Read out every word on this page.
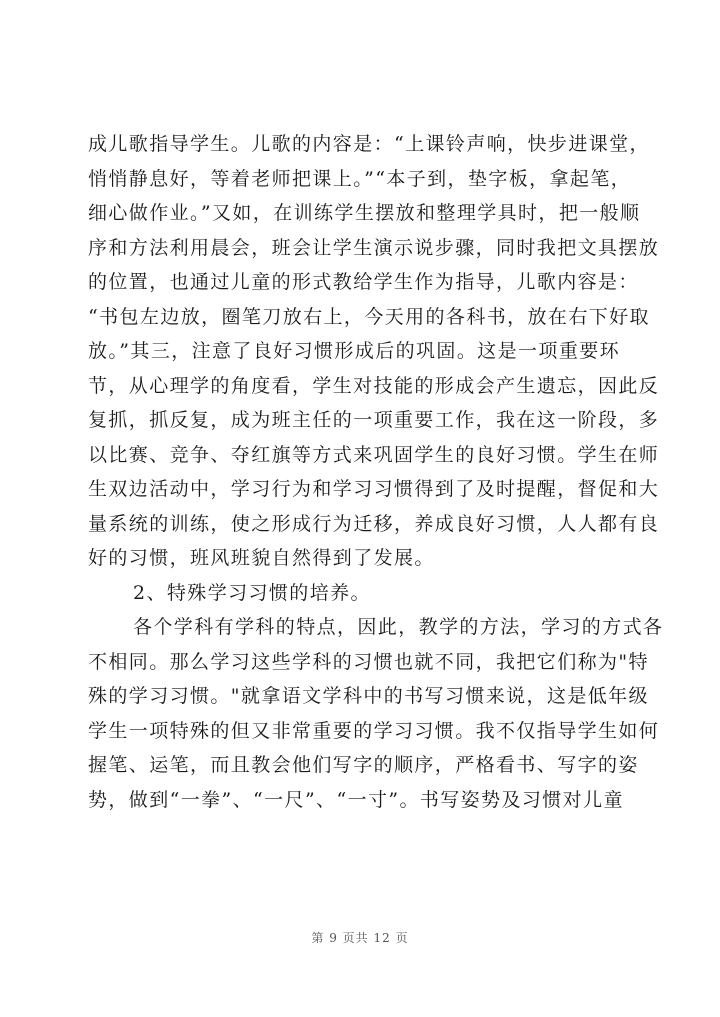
成儿歌指导学生。儿歌的内容是：“上课铃声响，快步进课堂，
悄悄静息好，等着老师把课上。”“本子到，垫字板，拿起笔，
细心做作业。”又如，在训练学生摆放和整理学具时，把一般顺
序和方法利用晨会，班会让学生演示说步骤，同时我把文具摆放
的位置，也通过儿童的形式教给学生作为指导，儿歌内容是：
“书包左边放，圈笔刀放右上，今天用的各科书，放在右下好取
放。”其三，注意了良好习惯形成后的巩固。这是一项重要环
节，从心理学的角度看，学生对技能的形成会产生遗忘，因此反
复抓，抓反复，成为班主任的一项重要工作，我在这一阶段，多
以比赛、竞争、夺红旗等方式来巩固学生的良好习惯。学生在师
生双边活动中，学习行为和学习习惯得到了及时提醒，督促和大
量系统的训练，使之形成行为迁移，养成良好习惯，人人都有良
好的习惯，班风班貌自然得到了发展。
2、特殊学习习惯的培养。
各个学科有学科的特点，因此，教学的方法，学习的方式各
不相同。那么学习这些学科的习惯也就不同，我把它们称为"特
殊的学习习惯。"就拿语文学科中的书写习惯来说，这是低年级
学生一项特殊的但又非常重要的学习习惯。我不仅指导学生如何
握笔、运笔，而且教会他们写字的顺序，严格看书、写字的姿
势，做到“一拳”、“一尺”、“一寸”。书写姿势及习惯对儿童
第 9 页共 12 页
